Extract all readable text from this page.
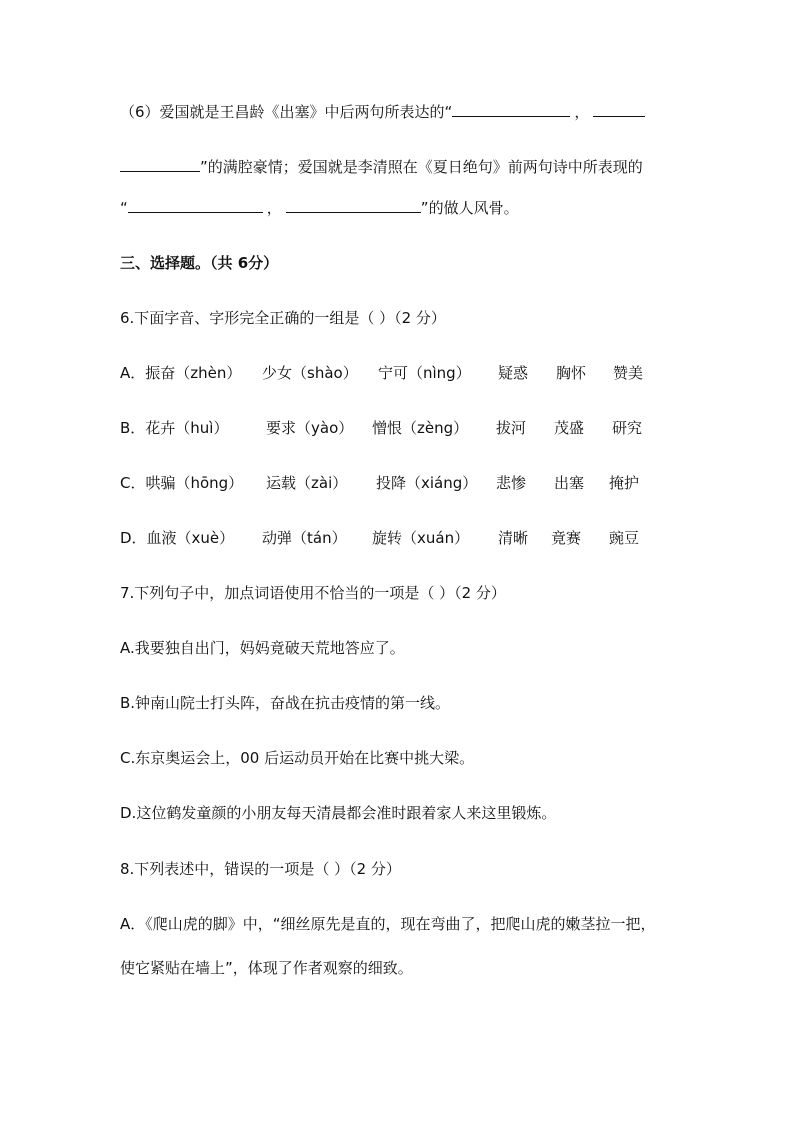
（6）爱国就是王昌龄《出塞》中后两句所表达的“	，
”的满腔豪情；爱国就是李清照在《夏日绝句》前两句诗中所表现的
“	，	”的做人风骨。
三、选择题。（共 6分）
6.下面字音、字形完全正确的一组是（ ）（2 分）
A．振奋（zhèn） 少女（shào） 宁可（nìng） 疑惑 胸怀 赞美
B．花卉（huì）	要求（yào） 憎恨（zèng） 拔河 茂盛 研究
C．哄骗（hōng） 运载（zài） 投降（xiáng） 悲惨 出塞 掩护
D．血液（xuè） 动弹（tán） 旋转（xuán） 清晰 竟赛 豌豆
7.下列句子中，加点词语使用不恰当的一项是（ ）（2 分）
A.我要独自出门，妈妈竟破天荒地答应了。
B.钟南山院士打头阵，奋战在抗击疫情的第一线。
C.东京奥运会上，00 后运动员开始在比赛中挑大梁。
D.这位鹤发童颜的小朋友每天清晨都会准时跟着家人来这里锻炼。
8.下列表述中，错误的一项是（ ）（2 分）
A．《爬山虎的脚》中，“细丝原先是直的，现在弯曲了，把爬山虎的嫩茎拉一把，
使它紧贴在墙上”，体现了作者观察的细致。
